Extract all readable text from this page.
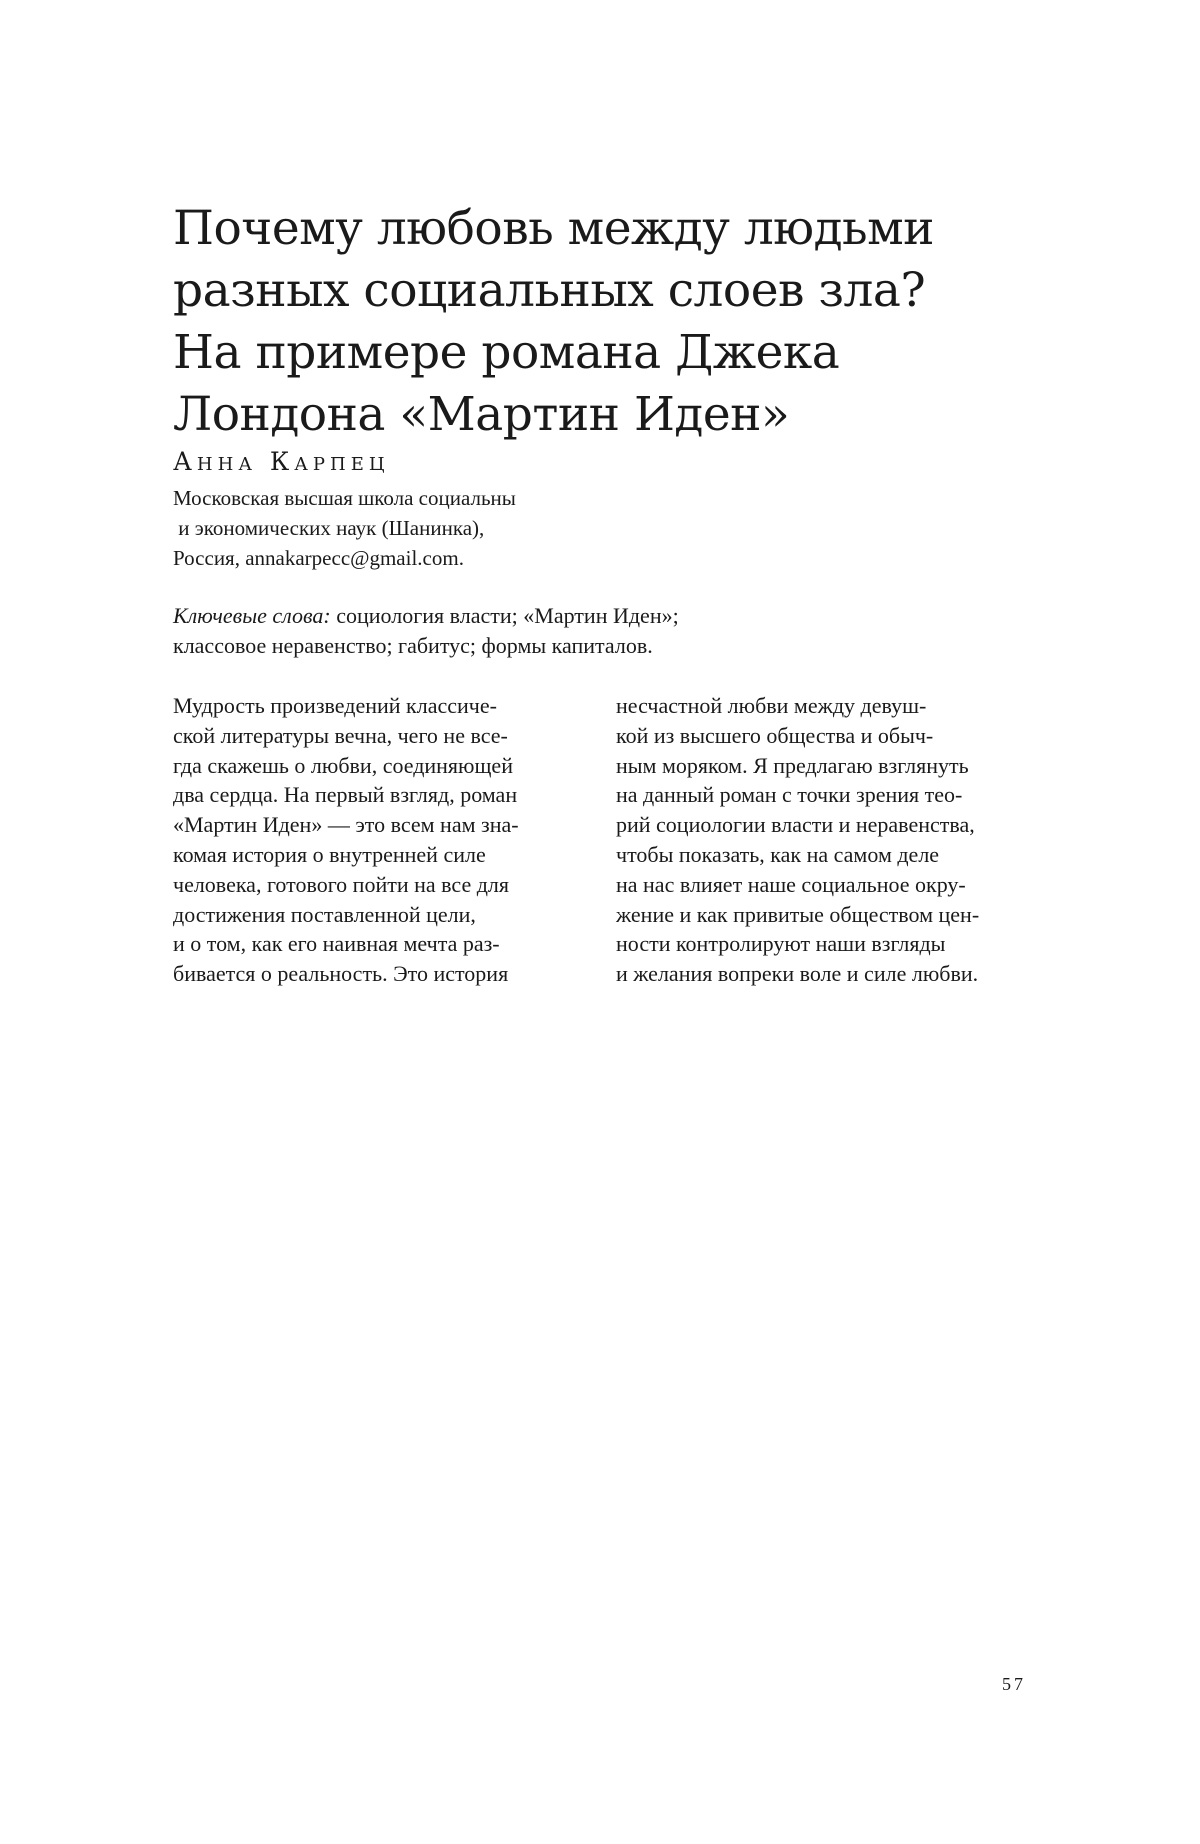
Почему любовь между людьми
разных социальных слоев зла?
На примере романа Джека
Лондона «Мартин Иден»

Анна Карпец

Московская высшая школа социальны
и экономических наук (Шанинка),
Россия, annakarpecc@gmail.com.
Ключевые слова: социология власти; «Мартин Иден»;
классовое неравенство; габитус; формы капиталов.
Мудрость произведений классиче-
ской литературы вечна, чего не все-
гда скажешь о любви, соединяющей
два сердца. На первый взгляд, роман
«Мартин Иден» — это всем нам зна-
комая история о внутренней силе
человека, готового пойти на все для
достижения поставленной цели,
и о том, как его наивная мечта раз-
бивается о реальность. Это история
несчастной любви между девуш-
кой из высшего общества и обыч-
ным моряком. Я предлагаю взглянуть
на данный роман с точки зрения тео-
рий социологии власти и неравенства,
чтобы показать, как на самом деле
на нас влияет наше социальное окру-
жение и как привитые обществом цен-
ности контролируют наши взгляды
и желания вопреки воле и силе любви.
57
